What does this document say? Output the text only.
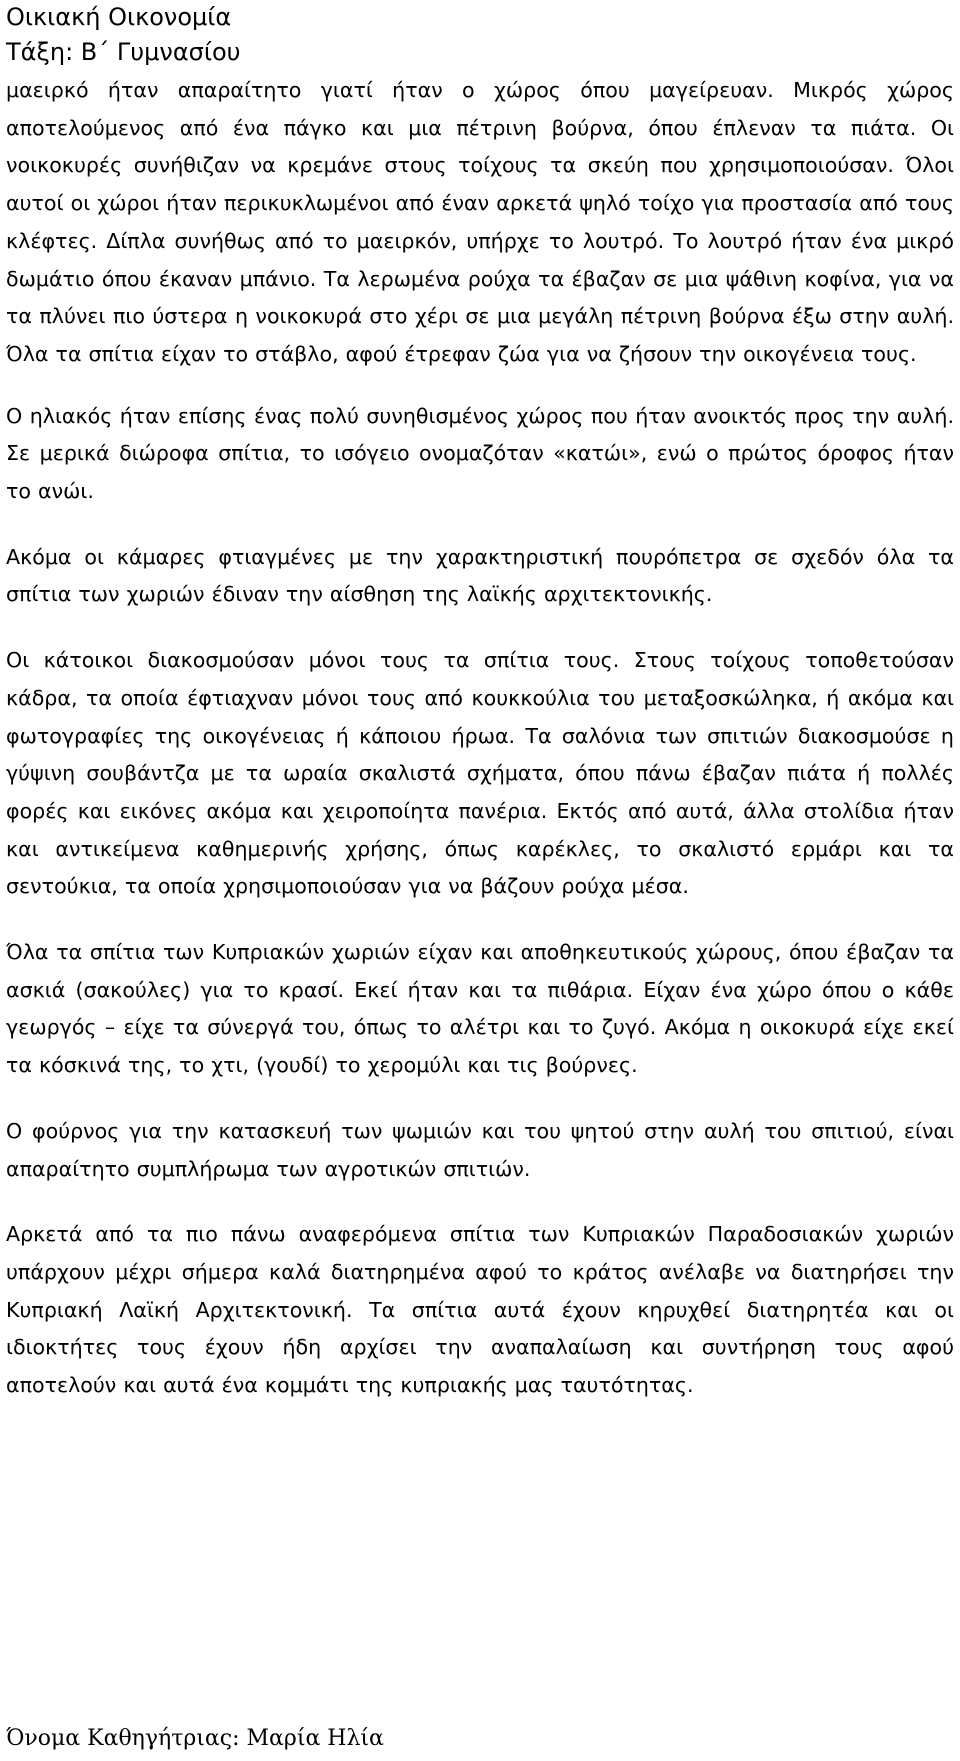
Οικιακή Οικονομία
Τάξη: Β΄ Γυμνασίου

μαειρκό ήταν απαραίτητο γιατί ήταν ο χώρος όπου μαγείρευαν. Μικρός χώρος αποτελούμενος από ένα πάγκο και μια πέτρινη βούρνα, όπου έπλεναν τα πιάτα. Οι νοικοκυρές συνήθιζαν να κρεμάνε στους τοίχους τα σκεύη που χρησιμοποιούσαν. Όλοι αυτοί οι χώροι ήταν περικυκλωμένοι από έναν αρκετά ψηλό τοίχο για προστασία από τους κλέφτες. Δίπλα συνήθως από το μαειρκόν, υπήρχε το λουτρό. Το λουτρό ήταν ένα μικρό δωμάτιο όπου έκαναν μπάνιο. Τα λερωμένα ρούχα τα έβαζαν σε μια ψάθινη κοφίνα, για να τα πλύνει πιο ύστερα η νοικοκυρά στο χέρι σε μια μεγάλη πέτρινη βούρνα έξω στην αυλή. Όλα τα σπίτια είχαν το στάβλο, αφού έτρεφαν ζώα για να ζήσουν την οικογένεια τους.

Ο ηλιακός ήταν επίσης ένας πολύ συνηθισμένος χώρος που ήταν ανοικτός προς την αυλή. Σε μερικά διώροφα σπίτια, το ισόγειο ονομαζόταν «κατώι», ενώ ο πρώτος όροφος ήταν το ανώι.

Ακόμα οι κάμαρες φτιαγμένες με την χαρακτηριστική πουρόπετρα σε σχεδόν όλα τα σπίτια των χωριών έδιναν την αίσθηση της λαϊκής αρχιτεκτονικής.

Οι κάτοικοι διακοσμούσαν μόνοι τους τα σπίτια τους. Στους τοίχους τοποθετούσαν κάδρα, τα οποία έφτιαχναν μόνοι τους από κουκκούλια του μεταξοσκώληκα, ή ακόμα και φωτογραφίες της οικογένειας ή κάποιου ήρωα. Τα σαλόνια των σπιτιών διακοσμούσε η γύψινη σουβάντζα με τα ωραία σκαλιστά σχήματα, όπου πάνω έβαζαν πιάτα ή πολλές φορές και εικόνες ακόμα και χειροποίητα πανέρια. Εκτός από αυτά, άλλα στολίδια ήταν και αντικείμενα καθημερινής χρήσης, όπως καρέκλες, το σκαλιστό ερμάρι και τα σεντούκια, τα οποία χρησιμοποιούσαν για να βάζουν ρούχα μέσα.

Όλα τα σπίτια των Κυπριακών χωριών είχαν και αποθηκευτικούς χώρους, όπου έβαζαν τα ασκιά (σακούλες) για το κρασί. Εκεί ήταν και τα πιθάρια. Είχαν ένα χώρο όπου ο κάθε γεωργός – είχε τα σύνεργά του, όπως το αλέτρι και το ζυγό. Ακόμα η οικοκυρά είχε εκεί τα κόσκινά της, το χτι, (γουδί) το χερομύλι και τις βούρνες.

Ο φούρνος για την κατασκευή των ψωμιών και του ψητού στην αυλή του σπιτιού, είναι απαραίτητο συμπλήρωμα των αγροτικών σπιτιών.

Αρκετά από τα πιο πάνω αναφερόμενα σπίτια των Κυπριακών Παραδοσιακών χωριών υπάρχουν μέχρι σήμερα καλά διατηρημένα αφού το κράτος ανέλαβε να διατηρήσει την Κυπριακή Λαϊκή Αρχιτεκτονική. Τα σπίτια αυτά έχουν κηρυχθεί διατηρητέα και οι ιδιοκτήτες τους έχουν ήδη αρχίσει την αναπαλαίωση και συντήρηση τους αφού αποτελούν και αυτά ένα κομμάτι της κυπριακής μας ταυτότητας.

Όνομα Καθηγήτριας: Μαρία Ηλία
